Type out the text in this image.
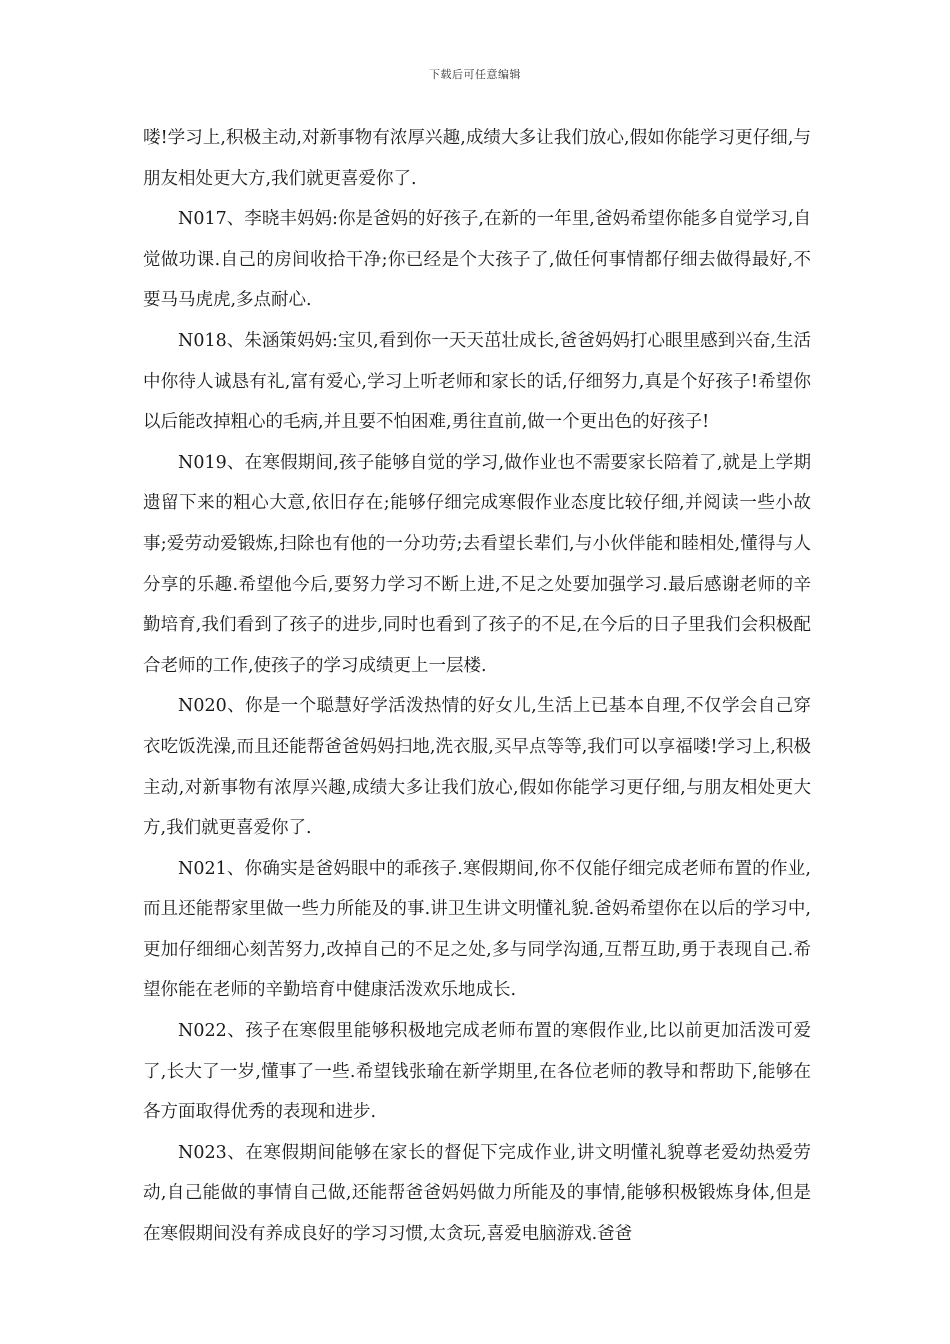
下载后可任意编辑

喽!学习上,积极主动,对新事物有浓厚兴趣,成绩大多让我们放心,假如你能学习更仔细,与朋友相处更大方,我们就更喜爱你了.

N017、李晓丰妈妈:你是爸妈的好孩子,在新的一年里,爸妈希望你能多自觉学习,自觉做功课.自己的房间收拾干净;你已经是个大孩子了,做任何事情都仔细去做得最好,不要马马虎虎,多点耐心.

N018、朱涵策妈妈:宝贝,看到你一天天茁壮成长,爸爸妈妈打心眼里感到兴奋,生活中你待人诚恳有礼,富有爱心,学习上听老师和家长的话,仔细努力,真是个好孩子!希望你以后能改掉粗心的毛病,并且要不怕困难,勇往直前,做一个更出色的好孩子!

N019、在寒假期间,孩子能够自觉的学习,做作业也不需要家长陪着了,就是上学期遗留下来的粗心大意,依旧存在;能够仔细完成寒假作业态度比较仔细,并阅读一些小故事;爱劳动爱锻炼,扫除也有他的一分功劳;去看望长辈们,与小伙伴能和睦相处,懂得与人分享的乐趣.希望他今后,要努力学习不断上进,不足之处要加强学习.最后感谢老师的辛勤培育,我们看到了孩子的进步,同时也看到了孩子的不足,在今后的日子里我们会积极配合老师的工作,使孩子的学习成绩更上一层楼.

N020、你是一个聪慧好学活泼热情的好女儿,生活上已基本自理,不仅学会自己穿衣吃饭洗澡,而且还能帮爸爸妈妈扫地,洗衣服,买早点等等,我们可以享福喽!学习上,积极主动,对新事物有浓厚兴趣,成绩大多让我们放心,假如你能学习更仔细,与朋友相处更大方,我们就更喜爱你了.

N021、你确实是爸妈眼中的乖孩子.寒假期间,你不仅能仔细完成老师布置的作业,而且还能帮家里做一些力所能及的事.讲卫生讲文明懂礼貌.爸妈希望你在以后的学习中,更加仔细细心刻苦努力,改掉自己的不足之处,多与同学沟通,互帮互助,勇于表现自己.希望你能在老师的辛勤培育中健康活泼欢乐地成长.

N022、孩子在寒假里能够积极地完成老师布置的寒假作业,比以前更加活泼可爱了,长大了一岁,懂事了一些.希望钱张瑜在新学期里,在各位老师的教导和帮助下,能够在各方面取得优秀的表现和进步.

N023、在寒假期间能够在家长的督促下完成作业,讲文明懂礼貌尊老爱幼热爱劳动,自己能做的事情自己做,还能帮爸爸妈妈做力所能及的事情,能够积极锻炼身体,但是在寒假期间没有养成良好的学习习惯,太贪玩,喜爱电脑游戏.爸爸
